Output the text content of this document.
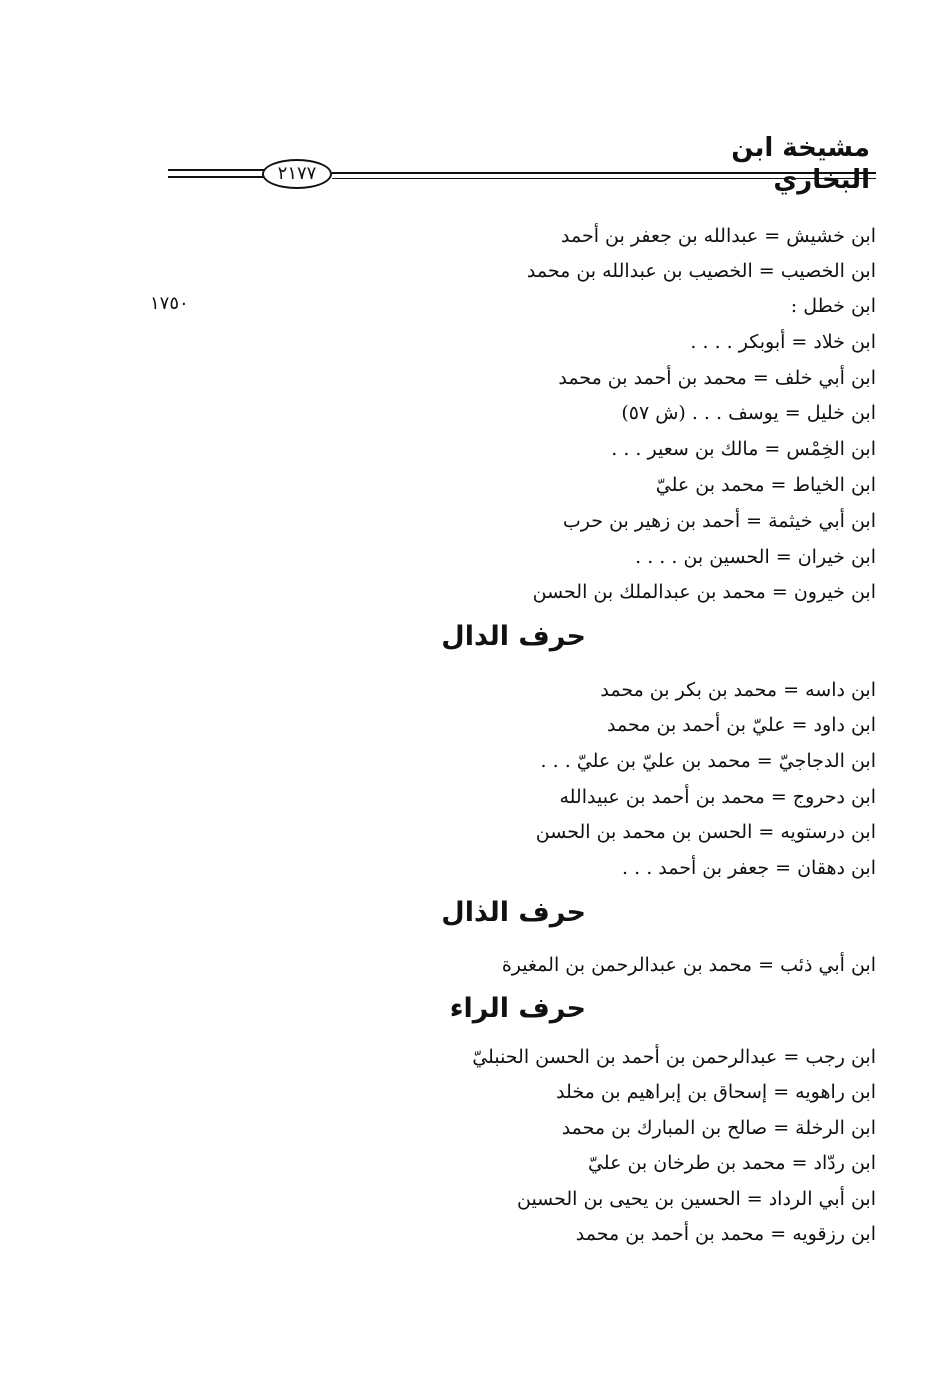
مشيخة ابن البخاري
٢١٧٧
١٧٥٠
ابن خشيش = عبدالله بن جعفر بن أحمد
ابن الخصيب = الخصيب بن عبدالله بن محمد
ابن خطل :
ابن خلاد = أبوبكر . . . .
ابن أبي خلف = محمد بن أحمد بن محمد
ابن خليل = يوسف . . . (ش ٥٧)
ابن الخِمْس = مالك بن سعير . . .
ابن الخياط = محمد بن عليّ
ابن أبي خيثمة = أحمد بن زهير بن حرب
ابن خيران = الحسين بن . . . .
ابن خيرون = محمد بن عبدالملك بن الحسن
حرف الدال
ابن داسه = محمد بن بكر بن محمد
ابن داود = عليّ بن أحمد بن محمد
ابن الدجاجيّ = محمد بن عليّ بن عليّ . . .
ابن دحروج = محمد بن أحمد بن عبيدالله
ابن درستويه = الحسن بن محمد بن الحسن
ابن دهقان = جعفر بن أحمد . . .
حرف الذال
ابن أبي ذئب = محمد بن عبدالرحمن بن المغيرة
حرف الراء
ابن رجب = عبدالرحمن بن أحمد بن الحسن الحنبليّ
ابن راهويه = إسحاق بن إبراهيم بن مخلد
ابن الرخلة = صالح بن المبارك بن محمد
ابن ردّاد = محمد بن طرخان بن عليّ
ابن أبي الرداد = الحسين بن يحيى بن الحسين
ابن رزقويه = محمد بن أحمد بن محمد
